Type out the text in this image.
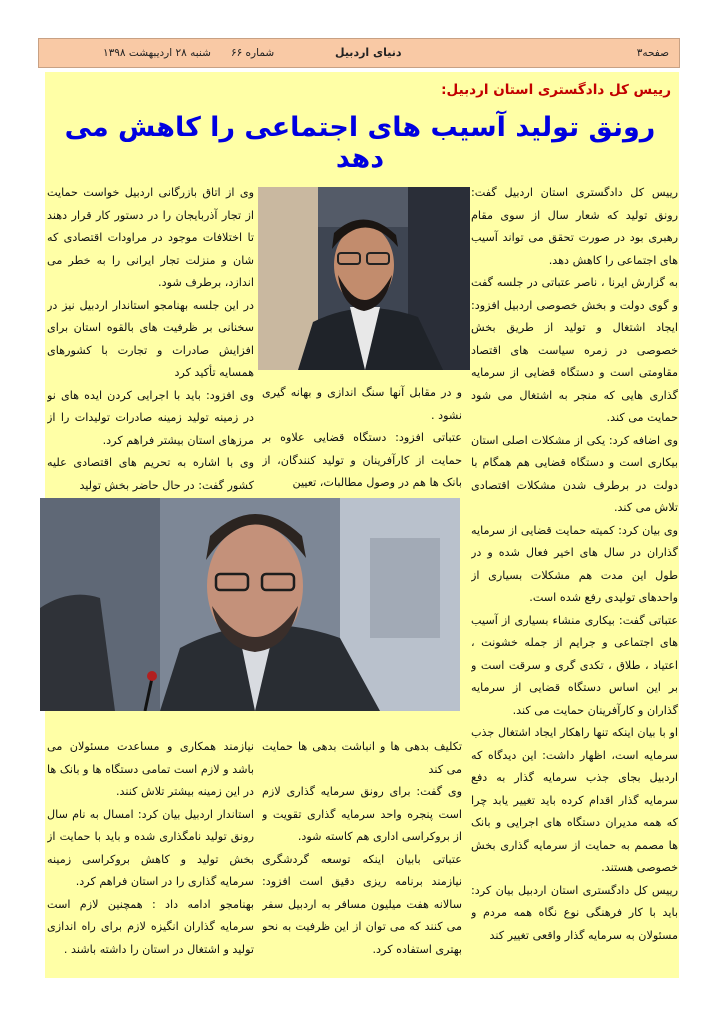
صفحه۳
دنیای اردبیل
شماره ۶۶      شنبه ۲۸ اردیبهشت ۱۳۹۸
رییس کل دادگستری استان اردبیل:
رونق تولید آسیب های اجتماعی را کاهش می دهد

رییس کل دادگستری استان اردبیل گفت: رونق تولید که شعار سال از سوی مقام رهبری بود در صورت تحقق می تواند آسیب های اجتماعی را کاهش دهد.

به گزارش ایرنا ، ناصر عتباتی در جلسه گفت و گوی دولت و بخش خصوصی اردبیل افزود: ایجاد اشتغال و تولید از طریق بخش خصوصی در زمره سیاست های اقتصاد مقاومتی است و دستگاه قضایی از سرمایه گذاری هایی که منجر به اشتغال می شود حمایت می کند.

وی اضافه کرد: یکی از مشکلات اصلی استان بیکاری است و دستگاه قضایی هم همگام با دولت در برطرف شدن مشکلات اقتصادی تلاش می کند.

وی بیان کرد: کمیته حمایت قضایی از سرمایه گذاران در سال های اخیر فعال شده و در طول این مدت هم مشکلات بسیاری از واحدهای تولیدی رفع شده است.

عتباتی گفت: بیکاری منشاء بسیاری از آسیب های اجتماعی و جرایم از جمله خشونت ، اعتیاد ، طلاق ، تکدی گری و سرقت است و بر این اساس دستگاه قضایی از سرمایه گذاران و کارآفرینان حمایت می کند.

او با بیان اینکه تنها راهکار ایجاد اشتغال جذب سرمایه است، اظهار داشت: این دیدگاه که اردبیل بجای جذب سرمایه گذار به دفع سرمایه گذار اقدام کرده باید تغییر یابد چرا که همه مدیران دستگاه های اجرایی و بانک ها مصمم به حمایت از سرمایه گذاری بخش خصوصی هستند.

رییس کل دادگستری استان اردبیل بیان کرد: باید با کار فرهنگی نوع نگاه همه مردم و مسئولان به سرمایه گذار واقعی تغییر کند

و در مقابل آنها سنگ اندازی و بهانه گیری نشود .

عتباتی افزود: دستگاه قضایی علاوه بر حمایت از کارآفرینان و تولید کنندگان، از بانک ها هم در وصول مطالبات، تعیین

وی از اتاق بازرگانی اردبیل خواست حمایت از تجار آذربایجان را در دستور کار قرار دهند تا اختلافات موجود در مراودات اقتصادی که شان و منزلت تجار ایرانی را به خطر می اندازد، برطرف شود.

در این جلسه بهنامجو استاندار اردبیل نیز در سخنانی بر ظرفیت های بالقوه استان برای افزایش صادرات و تجارت با کشورهای همسایه تأکید کرد

وی افزود: باید با اجرایی کردن ایده های نو در زمینه تولید زمینه صادرات تولیدات را از مرزهای استان بیشتر فراهم کرد.

وی با اشاره به تحریم های اقتصادی علیه کشور گفت: در حال حاضر بخش تولید

تکلیف بدهی ها و انباشت بدهی ها حمایت می کند

وی گفت: برای رونق سرمایه گذاری لازم است پنجره واحد سرمایه گذاری تقویت و از بروکراسی اداری هم کاسته شود.

عتباتی بابیان اینکه توسعه گردشگری نیازمند برنامه ریزی دقیق است افزود: سالانه هفت میلیون مسافر به اردبیل سفر می کنند که می توان از این ظرفیت به نحو بهتری استفاده کرد.

نیازمند همکاری و مساعدت مسئولان می باشد و لازم است تمامی دستگاه ها و بانک ها در این زمینه بیشتر تلاش کنند.

استاندار اردبیل بیان کرد: امسال به نام سال رونق تولید نامگذاری شده و باید با حمایت از بخش تولید و کاهش بروکراسی زمینه سرمایه گذاری را در استان فراهم کرد.

بهنامجو ادامه داد : همچنین لازم است سرمایه گذاران انگیزه لازم برای راه اندازی تولید و اشتغال در استان را داشته باشند .
